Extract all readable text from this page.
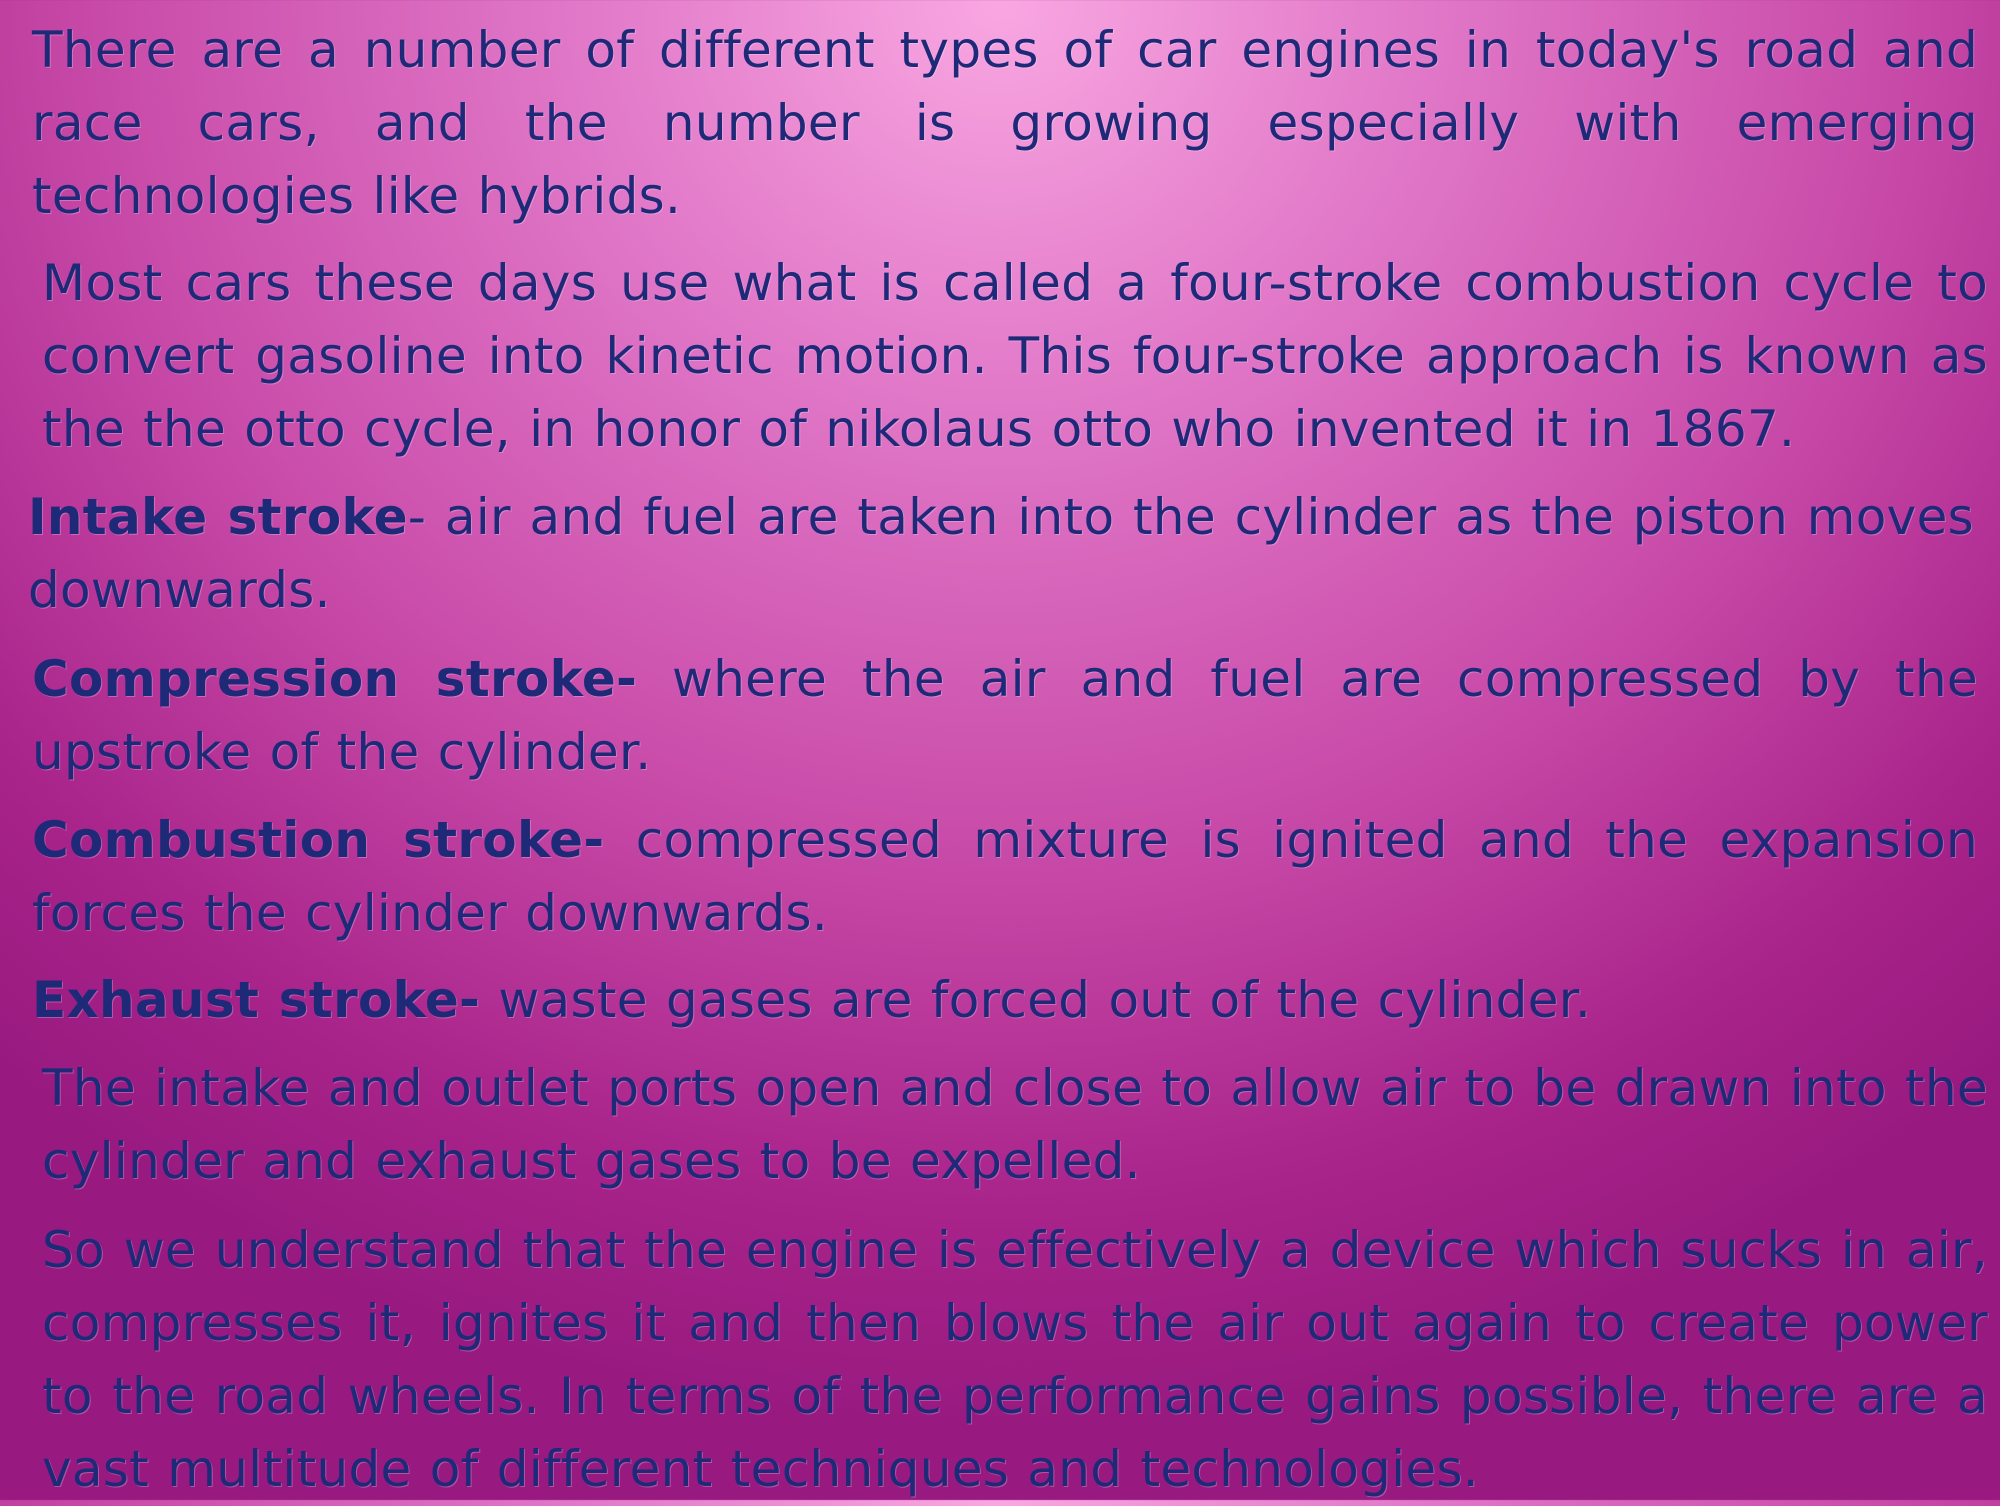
There are a number of different types of car engines in today's road and race cars, and the number is growing especially with emerging technologies like hybrids.

Most cars these days use what is called a four-stroke combustion cycle to convert gasoline into kinetic motion. This four-stroke approach is known as the the otto cycle, in honor of nikolaus otto who invented it in 1867.

Intake stroke- air and fuel are taken into the cylinder as the piston moves downwards.

Compression stroke- where the air and fuel are compressed by the upstroke of the cylinder.

Combustion stroke- compressed mixture is ignited and the expansion forces the cylinder downwards.

Exhaust stroke- waste gases are forced out of the cylinder.

The intake and outlet ports open and close to allow air to be drawn into the cylinder and exhaust gases to be expelled.

So we understand that the engine is effectively a device which sucks in air, compresses it, ignites it and then blows the air out again to create power to the road wheels. In terms of the performance gains possible, there are a vast multitude of different techniques and technologies.
